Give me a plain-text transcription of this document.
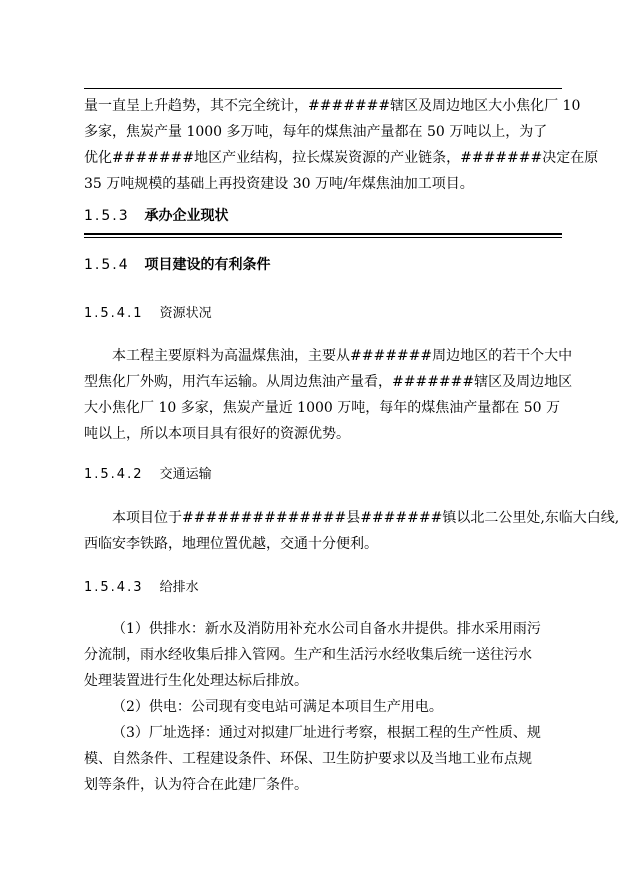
量一直呈上升趋势，其不完全统计，#######辖区及周边地区大小焦化厂 10
多家，焦炭产量 1000 多万吨，每年的煤焦油产量都在 50 万吨以上，为了
优化#######地区产业结构，拉长煤炭资源的产业链条，#######决定在原
35 万吨规模的基础上再投资建设 30 万吨/年煤焦油加工项目。
1.5.3 承办企业现状
1.5.4 项目建设的有利条件
1.5.4.1 资源状况
本工程主要原料为高温煤焦油，主要从#######周边地区的若干个大中
型焦化厂外购，用汽车运输。从周边焦油产量看，#######辖区及周边地区
大小焦化厂 10 多家，焦炭产量近 1000 万吨，每年的煤焦油产量都在 50 万
吨以上，所以本项目具有很好的资源优势。
1.5.4.2 交通运输
本项目位于##############县#######镇以北二公里处,东临大白线,
西临安李铁路，地理位置优越，交通十分便利。
1.5.4.3 给排水
（1）供排水：新水及消防用补充水公司自备水井提供。排水采用雨污
分流制，雨水经收集后排入管网。生产和生活污水经收集后统一送往污水
处理装置进行生化处理达标后排放。
（2）供电：公司现有变电站可满足本项目生产用电。
（3）厂址选择：通过对拟建厂址进行考察，根据工程的生产性质、规
模、自然条件、工程建设条件、环保、卫生防护要求以及当地工业布点规
划等条件，认为符合在此建厂条件。
